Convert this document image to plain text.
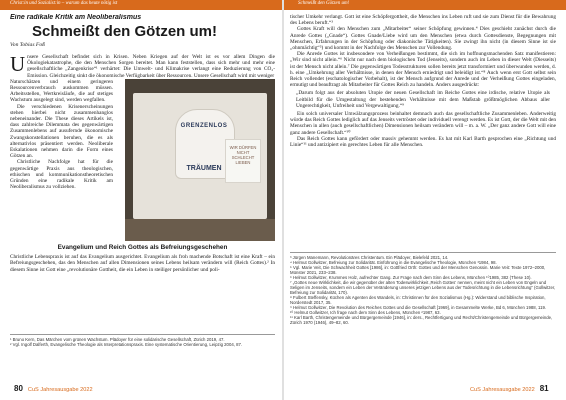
Christ:in und Sozialist:in – warum das heute nötig ist	Schmeißt den Götzen um!

Eine radikale Kritik am Neoliberalismus

Schmeißt den Götzen um!

Von Tobias Foß

Unsere Gesellschaft befindet sich in Krisen. Neben Kriegen auf der Welt ist es vor allem Dingen die Ökologiekatastrophe, die den Menschen Sorgen bereitet. Man kann feststellen, dass sich mehr und mehr eine gesellschaftliche „Zangenkrise“¹ verhärtet: Die Umwelt- und Klimakrise verlangt eine Reduzierung von CO₂-Emission. Gleichzeitig sinkt die ökonomische Verfügbarkeit über Ressourcen. Unsere Gesellschaft wird mit weniger

GRENZENLOS
TRÄUMEN
WIR DÜRFEN NICHT SCHLECHT LIEBEN

Naturschätzen und einem geringeren Ressourcenverbrauch auskommen müssen. Arbeitsstellen, Wertkreisläufe, die auf stetiges Wachstum ausgelegt sind, werden wegfallen.

Die verschiedenen Krisenerscheinungen stehen hierbei nicht zusammenhanglos nebeneinander. Die These dieses Artikels ist, dass zahlreiche Dilemmata des gegenwärtigen Zusammenlebens auf ausufernde ökonomische Zwangskonstellationen beruhen, die es als alternativlos präsentiert werden. Neoliberale Eskalationen nehmen darin die Form eines Götzen an.

Christliche Nachfolge hat für die gegenwärtige Praxis aus theologischen, ethischen und kommunikationstheoretischen Gründen eine radikale Kritik am Neoliberalismus zu vollziehen.

Evangelium und Reich Gottes als Befreiungsgeschehen

Christliche Lebenspraxis ist auf das Evangelium ausgerichtet. Evangelium als froh machende Botschaft ist eine Kraft – ein Befreiungsgeschehen, das den Menschen auf allen Dimensionen seines Lebens heilsam verändern will (Reich Gottes).² In diesem Sinne ist Gott eine „revolutionäre Gottheit, die ein Leben in steiliger persönlicher und poli-

¹ Bruno Kern, Das Märchen vom grünen Wachstum. Plädoyer für eine solidarische Gesellschaft, Zürich 2019, 47.

² Vgl. Ingolf Dalferth, Evangelische Theologie als Interpretationspraxis. Eine systematische Orientierung, Leipzig 2004, 87.

tischer Umkehr verlangt. Gott ist eine Schöpfergottheit, die Menschen ins Leben ruft und sie zum Dienst für die Bewahrung des Lebens beruft.“³

Gottes Kraft will den Menschen zum „Mitarbeiter“ seiner Schöpfung gewinnen.⁴ Dies geschieht zunächst durch die Anrede Gottes („Gnade“). Gottes Gnade/Liebe wird um den Menschen (etwa durch Gottesdienste, Begegnungen mit Menschen, Erfahrungen in der Schöpfung oder diakonische Tätigkeiten). Sie zwingt ihn nicht (in diesem Sinne ist sie „ohnmächtig“⁵) und kommt in der Nachfolge des Menschen zur Vollendung.

Die Anrede Gottes ist insbesondere von Verheißungen bestimmt, die sich im hoffnungsmachenden Satz manifestieren: „Wir sind nicht allein.“⁶ Nicht nur nach dem biologischen Tod (Jenseits), sondern auch im Leben in dieser Welt (Diesseits) ist der Mensch nicht allein.⁷ Die gegenwärtigen Todesstrukturen sollen bereits jetzt transformiert und überwunden werden, d. h. eine „Umkehrung aller Verhältnisse, in denen der Mensch erniedrigt und beleidigt ist.“⁸ Auch wenn erst Gott selbst sein Reich vollendet (eschatologischer Vorbehalt), ist der Mensch aufgrund der Anrede und der Verheißung Gottes eingeladen, ermutigt und beauftragt als Mitarbeiter für Gottes Reich zu handeln. Anders ausgedrückt:

„Darum folgt aus der absoluten Utopie der neuen Gesellschaft im Reiche Gottes eine irdische, relative Utopie als Leitbild für die Umgestaltung der bestehenden Verhältnisse mit dem Maßstab größtmöglichen Abbaus aller Ungerechtigkeit, Unfreiheit und Vergewaltigung.“⁹

Ein solch universaler Umwälzungsprozess beinhaltet demnach auch das gesellschaftliche Zusammenleben. Anderweitig würde das Reich Gottes lediglich auf das Jenseits vertröstet oder individuell verengt werden. Es ist Gott, der die Welt mit den Menschen in allen (auch gesellschaftlichen) Dimensionen heilsam verändern will – m. a. W. „Der ganz andere Gott will eine ganz andere Gesellschaft.“¹⁰

Das Reich Gottes kann gefördert oder massiv gehemmt werden. Es hat mit Karl Barth gesprochen eine „Richtung und Linie“¹¹ und antizipiert ein gerechtes Leben für alle Menschen.

³ Jürgen Manemann, Revolutionäres Christentum. Ein Plädoyer, Bielefeld 2021, 14.

⁴ Helmut Gollwitzer, Befreiung zur Solidarität. Einführung in die Evangelische Theologie, München ³1984, 98.

⁵ Vgl. Marie Veit, Die Schwachheit Gottes [1986], in: Gottfried Orth: Gottes und der Menschen Genossin. Marie Veit: Texte 1972–2000, Münster 2021, 233–238.

⁶ Helmut Gollwitzer, Krummes Holz, aufrechter Gang. Zur Frage nach dem Sinn des Lebens, München ¹⁰1985, 382 (These 10).

⁷ „Gottes neue Wirklichkeit, die wir gegenüber der alten Todeswirklichkeit ‚Reich Gottes‘ nennen, meint nicht ein Leben von Engeln und Seligen im Jenseits, sondern ein Leben der Veränderung unseres jetzigen Lebens aus der Todesrichtung in die Lebensrichtung“ (Gollwitzer, Befreiung zur Solidarität, 170).

⁸ Fulbert Steffensky, Küchen als Agenten des Wandels, in: Christinnen für den Sozialismus (Hg.): Widerstand und biblische Inspiration, Norderstedt 2017, 35.

⁹ Helmut Gollwitzer, Die Revolution des Reiches Gottes und die Gesellschaft [1969], in Gesammelte Werke, Bd 6, München 1988, 119.

¹⁰ Helmut Gollwitzer, Ich frage nach dem Sinn des Lebens, München ²1987, 63.

¹¹ Karl Barth, Christengemeinde und Bürgergemeinde [1946], in: ders., Rechtfertigung und Recht/Christengemeinde und Bürgergemeinde, Zürich 1970 (1946), 49–82, 60.

80 CuS Jahresausgabe 2022	CuS Jahresausgabe 2022 81
